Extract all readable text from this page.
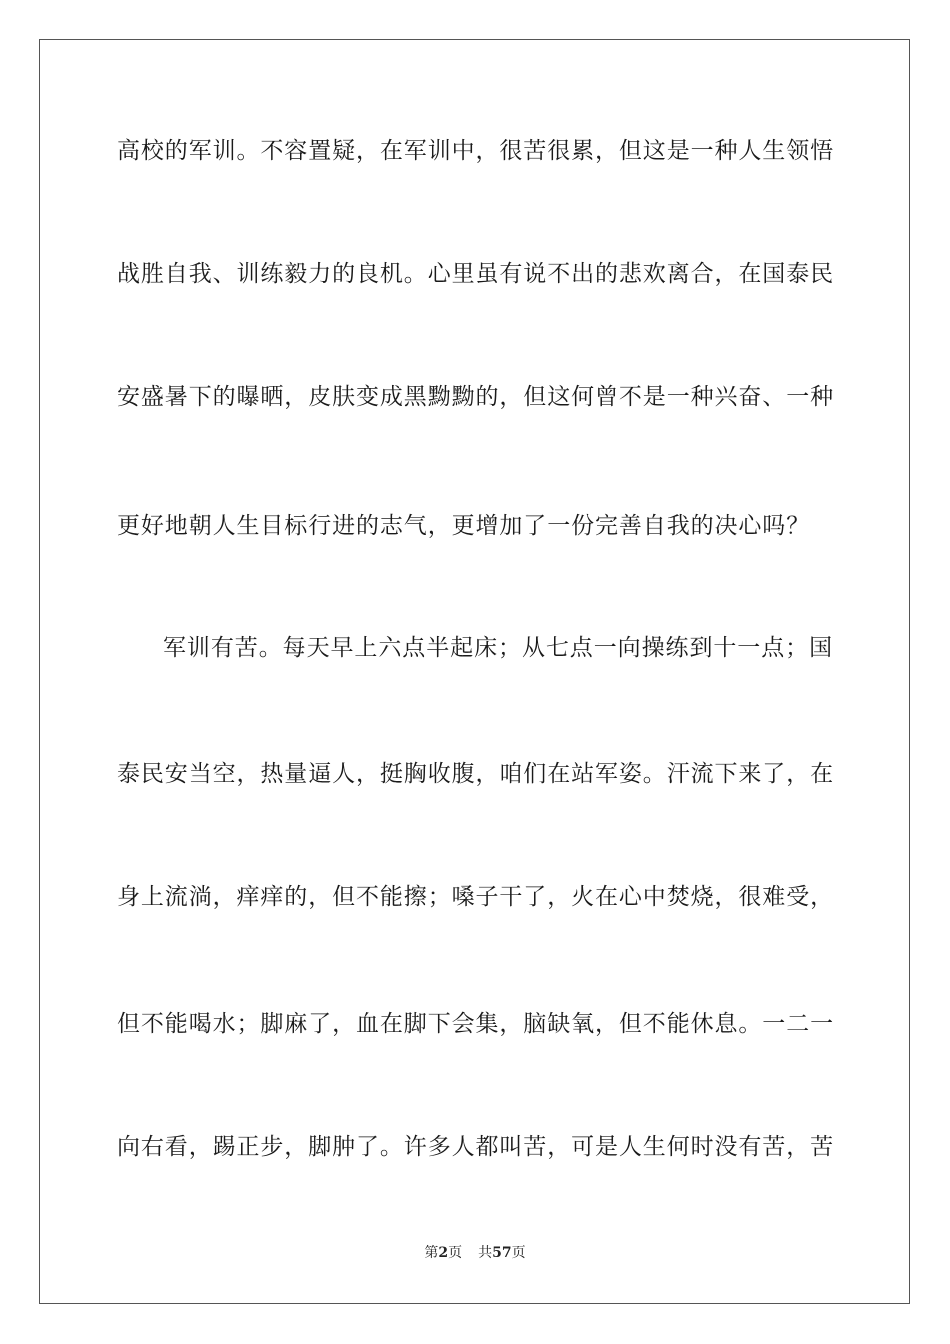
高校的军训。不容置疑，在军训中，很苦很累，但这是一种人生领悟
战胜自我、训练毅力的良机。心里虽有说不出的悲欢离合，在国泰民
安盛暑下的曝晒，皮肤变成黑黝黝的，但这何曾不是一种兴奋、一种
更好地朝人生目标行进的志气，更增加了一份完善自我的决心吗？
军训有苦。每天早上六点半起床；从七点一向操练到十一点；国
泰民安当空，热量逼人，挺胸收腹，咱们在站军姿。汗流下来了，在
身上流淌，痒痒的，但不能擦；嗓子干了，火在心中焚烧，很难受，
但不能喝水；脚麻了，血在脚下会集，脑缺氧，但不能休息。一二一
向右看，踢正步，脚肿了。许多人都叫苦，可是人生何时没有苦，苦
第2页 共57页
